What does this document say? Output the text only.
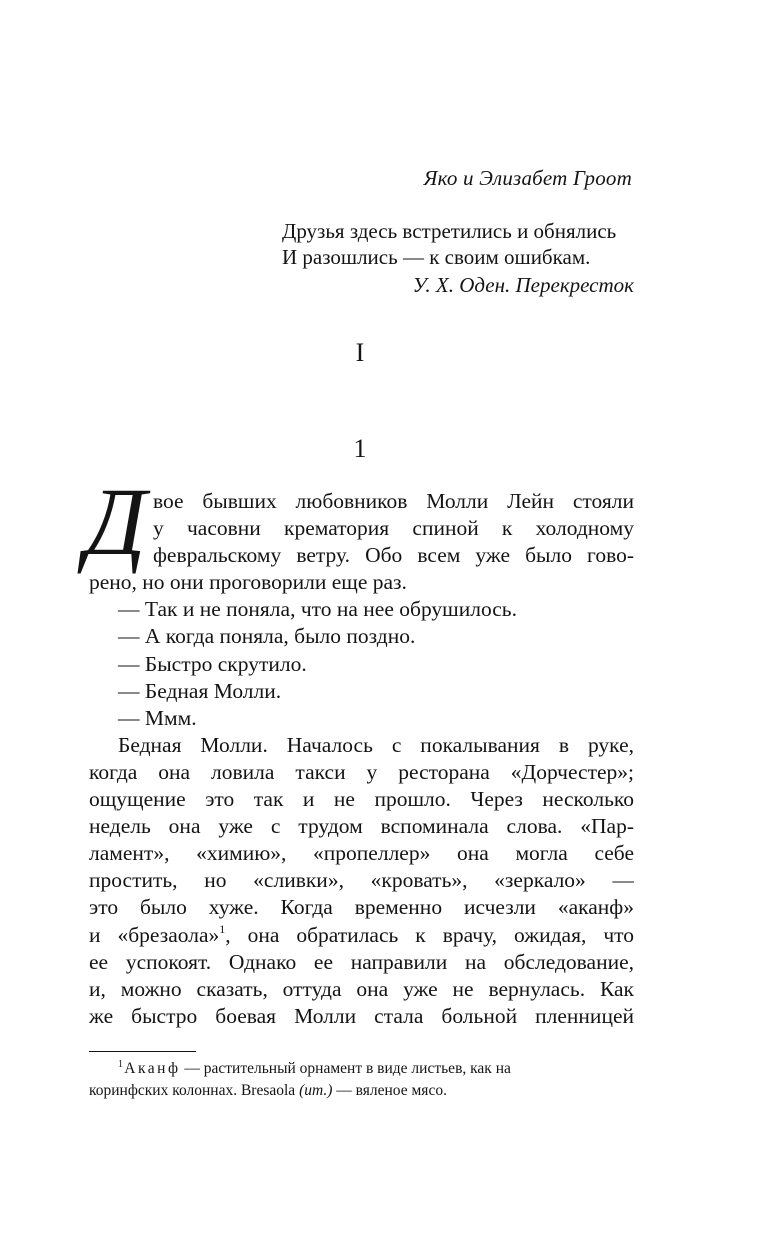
Яко и Элизабет Гроот
Друзья здесь встретились и обнялись
И разошлись — к своим ошибкам.
У. Х. Оден. Перекресток
I
1
Д вое бывших любовников Молли Лейн стояли
у часовни крематория спиной к холодному
февральскому ветру. Обо всем уже было гово-
рено, но они проговорили еще раз.
— Так и не поняла, что на нее обрушилось.
— А когда поняла, было поздно.
— Быстро скрутило.
— Бедная Молли.
— Ммм.
Бедная Молли. Началось с покалывания в руке,
когда она ловила такси у ресторана «Дорчестер»;
ощущение это так и не прошло. Через несколько
недель она уже с трудом вспоминала слова. «Пар-
ламент», «химию», «пропеллер» она могла себе
простить, но «сливки», «кровать», «зеркало» —
это было хуже. Когда временно исчезли «аканф»
и «брезаола»$^1$, она обратилась к врачу, ожидая, что
ее успокоят. Однако ее направили на обследование,
и, можно сказать, оттуда она уже не вернулась. Как
же быстро боевая Молли стала больной пленницей
$^1$ Аканф — растительный орнамент в виде листьев, как на
коринфских колоннах. Bresaola (ит.) — вяленое мясо.
